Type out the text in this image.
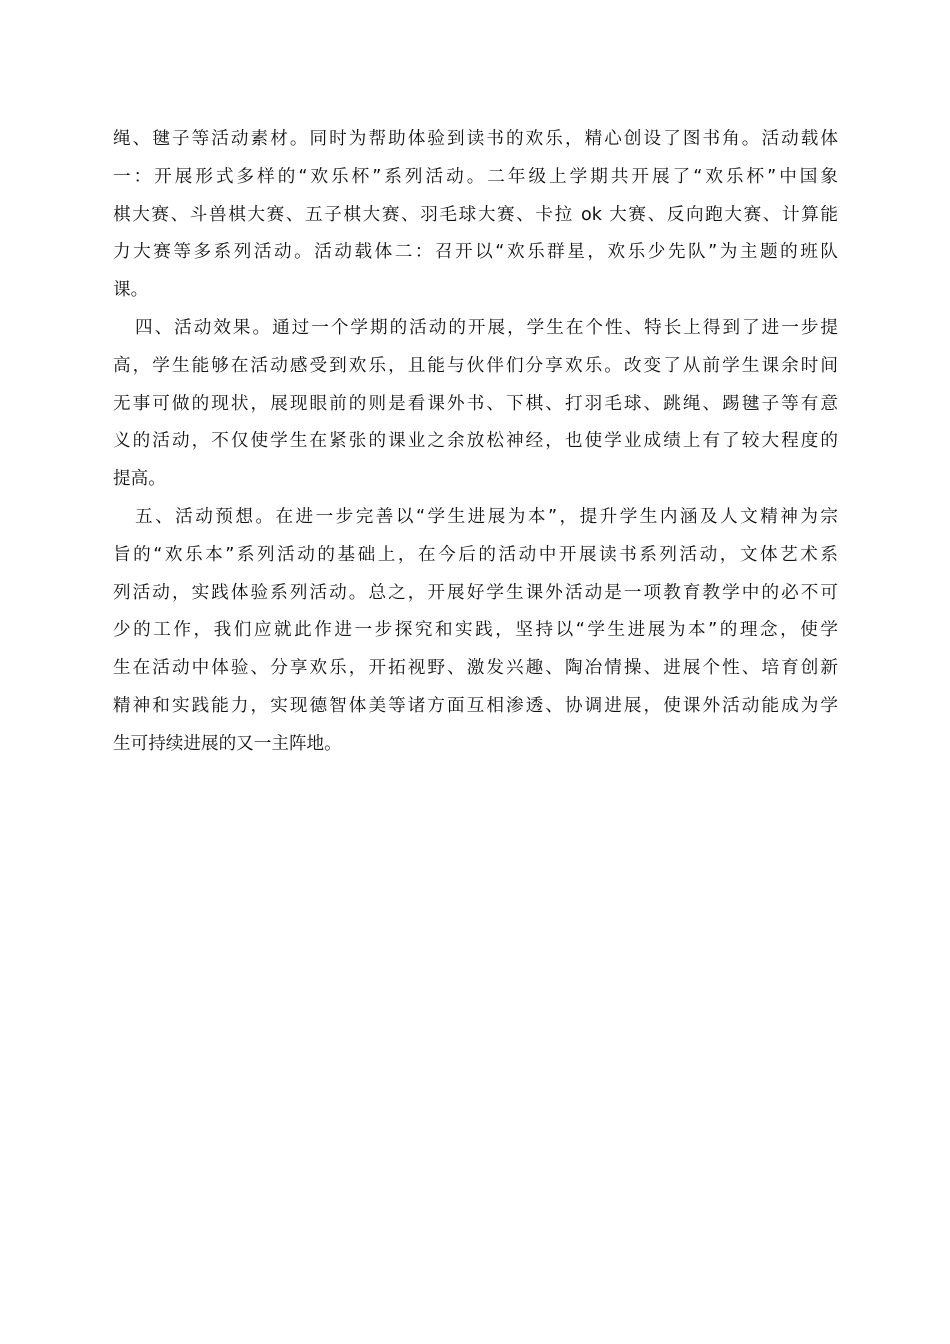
绳、毽子等活动素材。同时为帮助体验到读书的欢乐，精心创设了图书角。活动载体
一：开展形式多样的“欢乐杯”系列活动。二年级上学期共开展了“欢乐杯”中国象
棋大赛、斗兽棋大赛、五子棋大赛、羽毛球大赛、卡拉 ok 大赛、反向跑大赛、计算能
力大赛等多系列活动。活动载体二：召开以“欢乐群星，欢乐少先队”为主题的班队
课。
四、活动效果。通过一个学期的活动的开展，学生在个性、特长上得到了进一步提
高，学生能够在活动感受到欢乐，且能与伙伴们分享欢乐。改变了从前学生课余时间
无事可做的现状，展现眼前的则是看课外书、下棋、打羽毛球、跳绳、踢毽子等有意
义的活动，不仅使学生在紧张的课业之余放松神经，也使学业成绩上有了较大程度的
提高。
五、活动预想。在进一步完善以“学生进展为本”，提升学生内涵及人文精神为宗
旨的“欢乐本”系列活动的基础上，在今后的活动中开展读书系列活动，文体艺术系
列活动，实践体验系列活动。总之，开展好学生课外活动是一项教育教学中的必不可
少的工作，我们应就此作进一步探究和实践，坚持以“学生进展为本”的理念，使学
生在活动中体验、分享欢乐，开拓视野、激发兴趣、陶冶情操、进展个性、培育创新
精神和实践能力，实现德智体美等诸方面互相渗透、协调进展，使课外活动能成为学
生可持续进展的又一主阵地。
